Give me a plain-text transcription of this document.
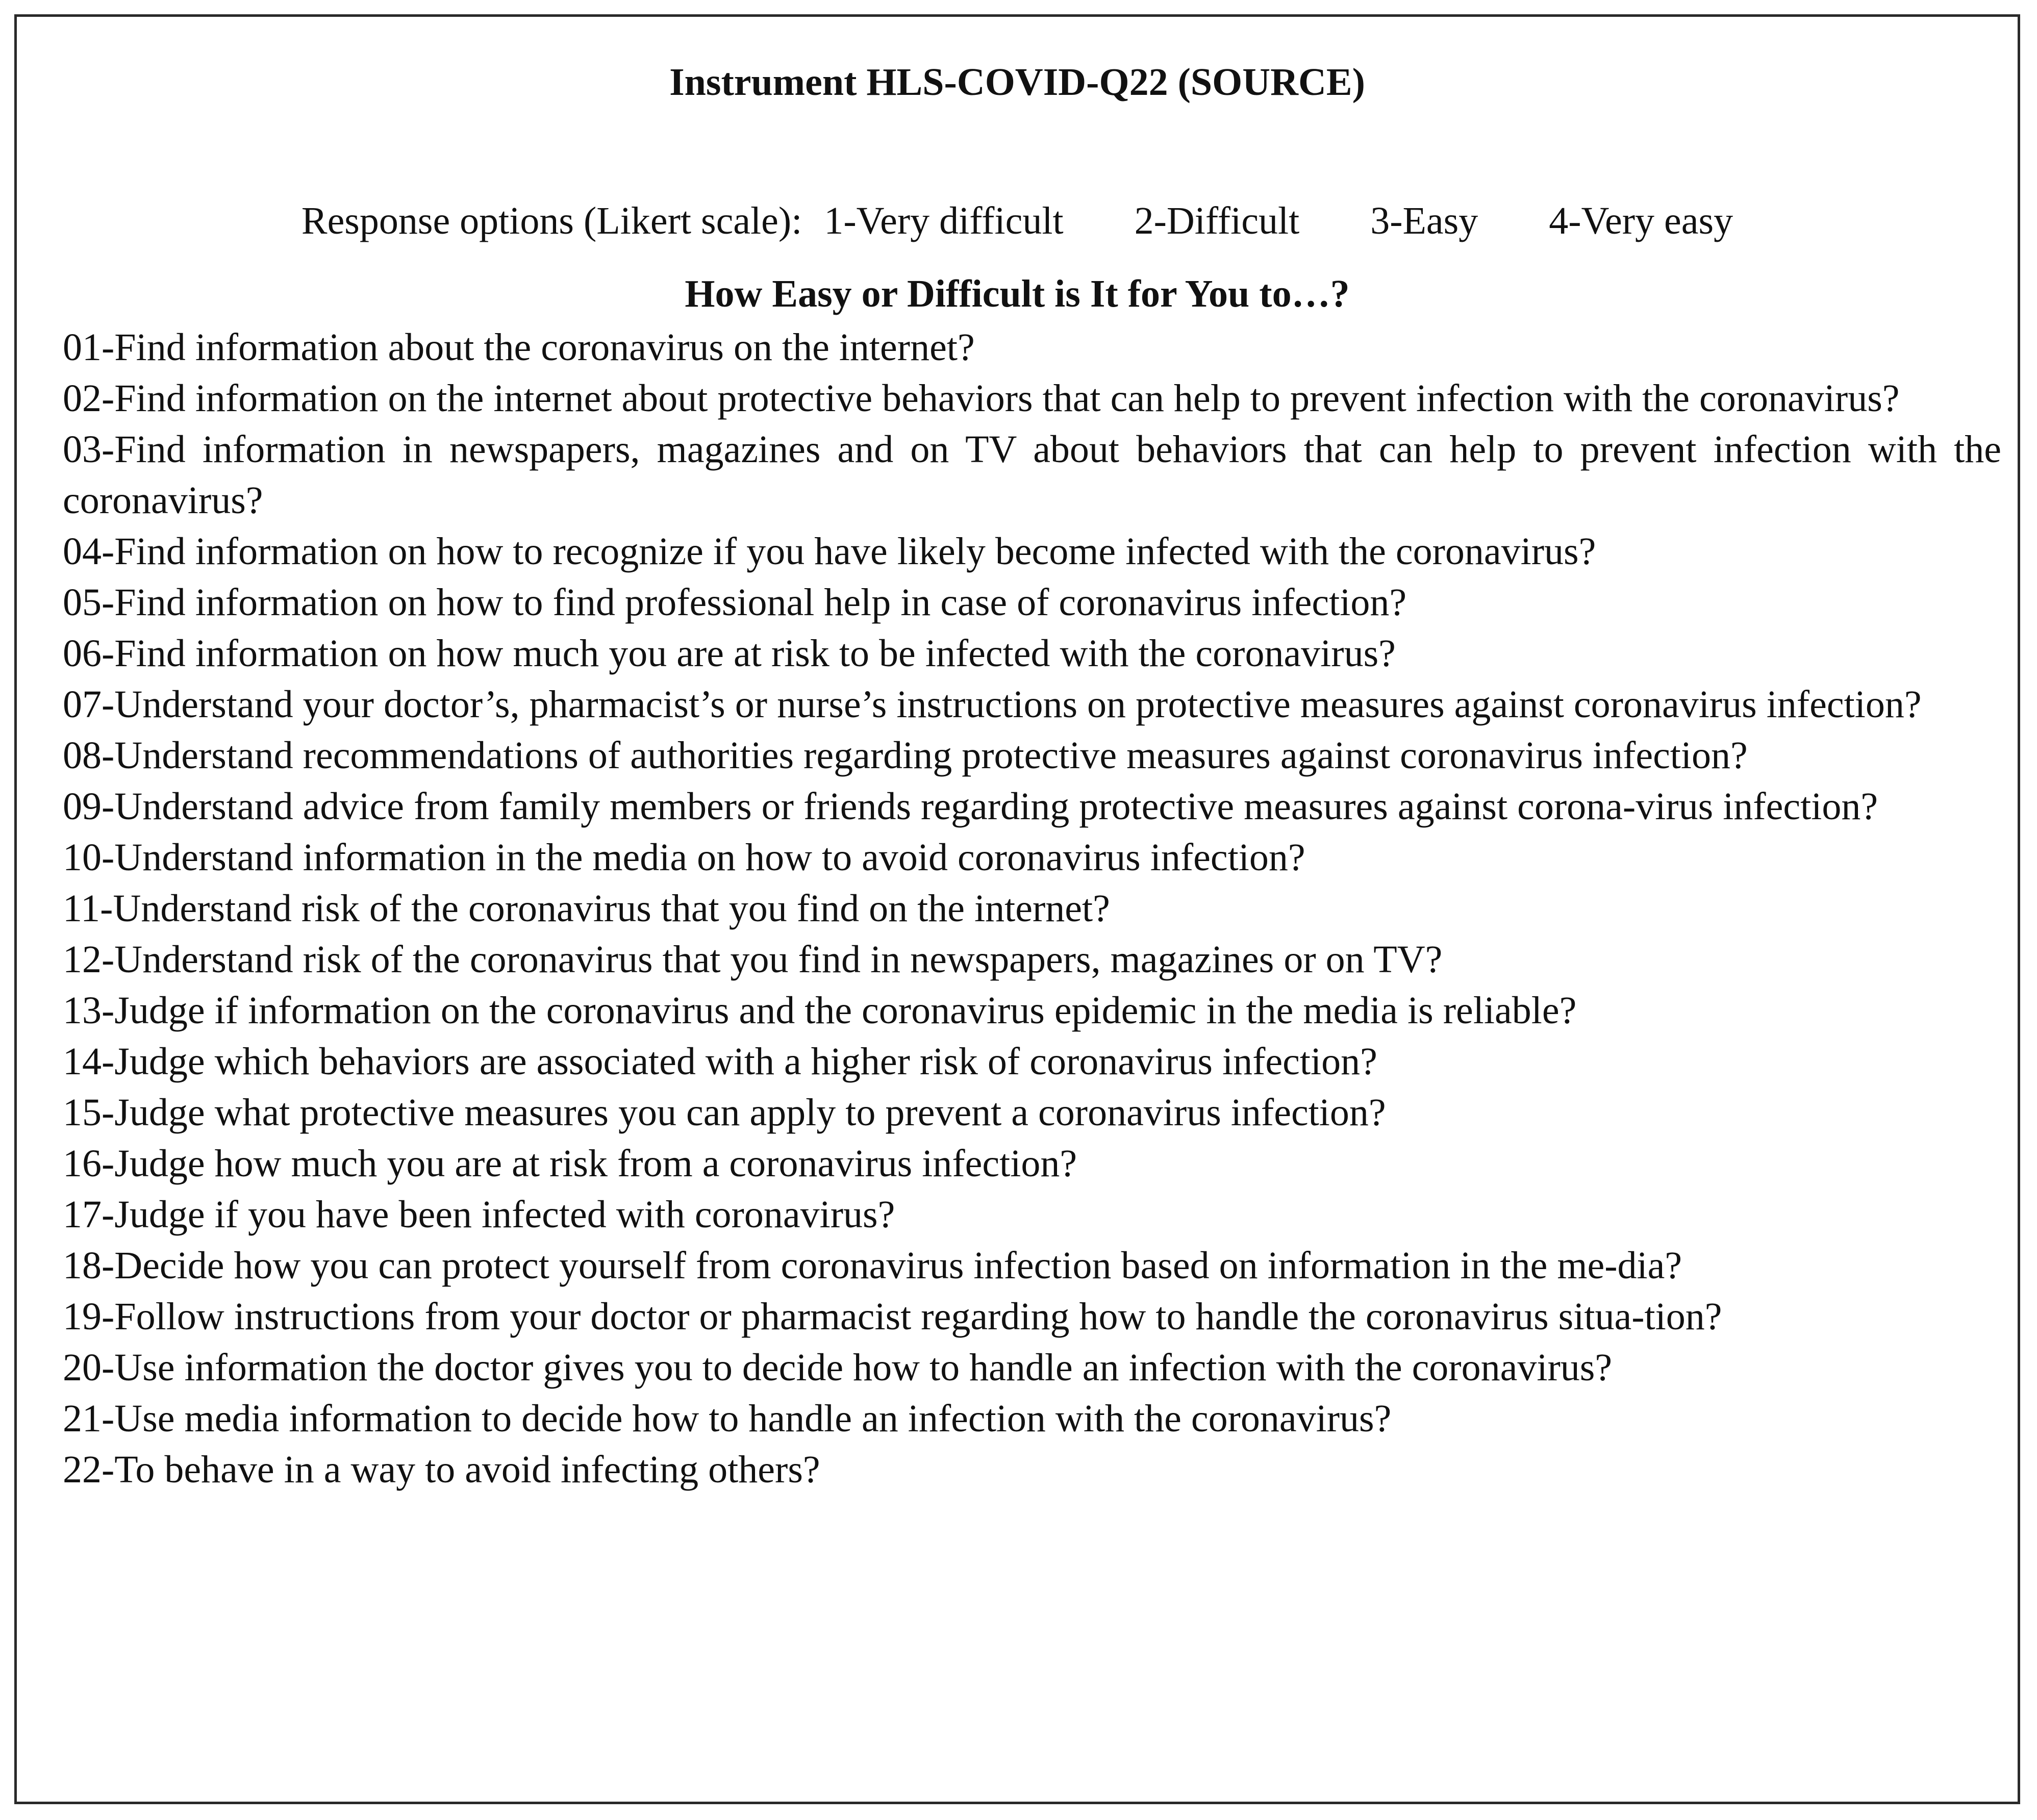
Instrument HLS-COVID-Q22 (SOURCE)
Response options (Likert scale): 1-Very difficult 2-Difficult 3-Easy 4-Very easy
How Easy or Difficult is It for You to…?
01-Find information about the coronavirus on the internet?
02-Find information on the internet about protective behaviors that can help to prevent infection with the coronavirus?
03-Find information in newspapers, magazines and on TV about behaviors that can help to prevent infection with the coronavirus?
04-Find information on how to recognize if you have likely become infected with the coronavirus?
05-Find information on how to find professional help in case of coronavirus infection?
06-Find information on how much you are at risk to be infected with the coronavirus?
07-Understand your doctor’s, pharmacist’s or nurse’s instructions on protective measures against coronavirus infection?
08-Understand recommendations of authorities regarding protective measures against coronavirus infection?
09-Understand advice from family members or friends regarding protective measures against corona-virus infection?
10-Understand information in the media on how to avoid coronavirus infection?
11-Understand risk of the coronavirus that you find on the internet?
12-Understand risk of the coronavirus that you find in newspapers, magazines or on TV?
13-Judge if information on the coronavirus and the coronavirus epidemic in the media is reliable?
14-Judge which behaviors are associated with a higher risk of coronavirus infection?
15-Judge what protective measures you can apply to prevent a coronavirus infection?
16-Judge how much you are at risk from a coronavirus infection?
17-Judge if you have been infected with coronavirus?
18-Decide how you can protect yourself from coronavirus infection based on information in the me-dia?
19-Follow instructions from your doctor or pharmacist regarding how to handle the coronavirus situa-tion?
20-Use information the doctor gives you to decide how to handle an infection with the coronavirus?
21-Use media information to decide how to handle an infection with the coronavirus?
22-To behave in a way to avoid infecting others?
